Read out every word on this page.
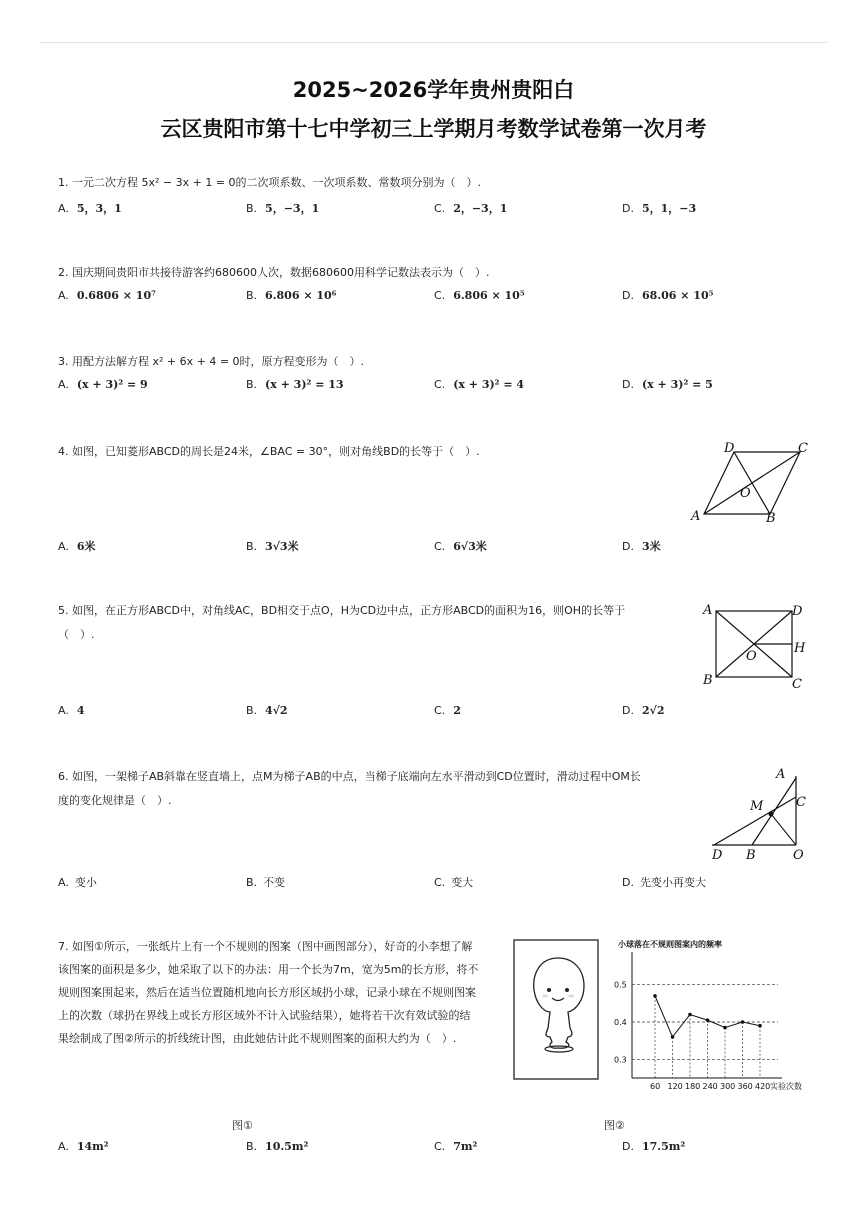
2025~2026学年贵州贵阳白
云区贵阳市第十七中学初三上学期月考数学试卷第一次月考
1. 一元二次方程 5x² − 3x + 1 = 0的二次项系数、一次项系数、常数项分别为（　）.
A. 5，3，1	B. 5，−3，1	C. 2，−3，1	D. 5，1，−3
2. 国庆期间贵阳市共接待游客约680600人次，数据680600用科学记数法表示为（　）.
A. 0.6806 × 10⁷	B. 6.806 × 10⁶	C. 6.806 × 10⁵	D. 68.06 × 10⁵
3. 用配方法解方程 x² + 6x + 4 = 0时，原方程变形为（　）.
A. (x + 3)² = 9	B. (x + 3)² = 13	C. (x + 3)² = 4	D. (x + 3)² = 5
4. 如图，已知菱形ABCD的周长是24米，∠BAC = 30°，则对角线BD的长等于（　）.
A	B
C
D
O
A. 6米	B. 3√3米	C. 6√3米	D. 3米
5. 如图，在正方形ABCD中，对角线AC，BD相交于点O，H为CD边中点，正方形ABCD的面积为16，则OH的长等于
（　）.
A
B	C
D
O
H
A. 4	B. 4√2	C. 2	D. 2√2
6. 如图，一架梯子AB斜靠在竖直墙上，点M为梯子AB的中点，当梯子底端向左水平滑动到CD位置时，滑动过程中OM长
度的变化规律是（　）.
A
B
C
D
M
O
A. 变小	B. 不变	C. 变大	D. 先变小再变大
7. 如图①所示，一张纸片上有一个不规则的图案（图中画图部分），好奇的小李想了解
该图案的面积是多少，她采取了以下的办法：用一个长为7m，宽为5m的长方形，将不
规则图案围起来，然后在适当位置随机地向长方形区域扔小球，记录小球在不规则图案
上的次数（球扔在界线上或长方形区域外不计入试验结果），她将若干次有效试验的结
果绘制成了图②所示的折线统计图，由此她估计此不规则图案的面积大约为（　）.
小球落在不规则图案内的频率
0.3
0.4
0.5
60 120 180 240 300 360 420 实验次数
图①	图②
A. 14m²	B. 10.5m²	C. 7m²	D. 17.5m²
